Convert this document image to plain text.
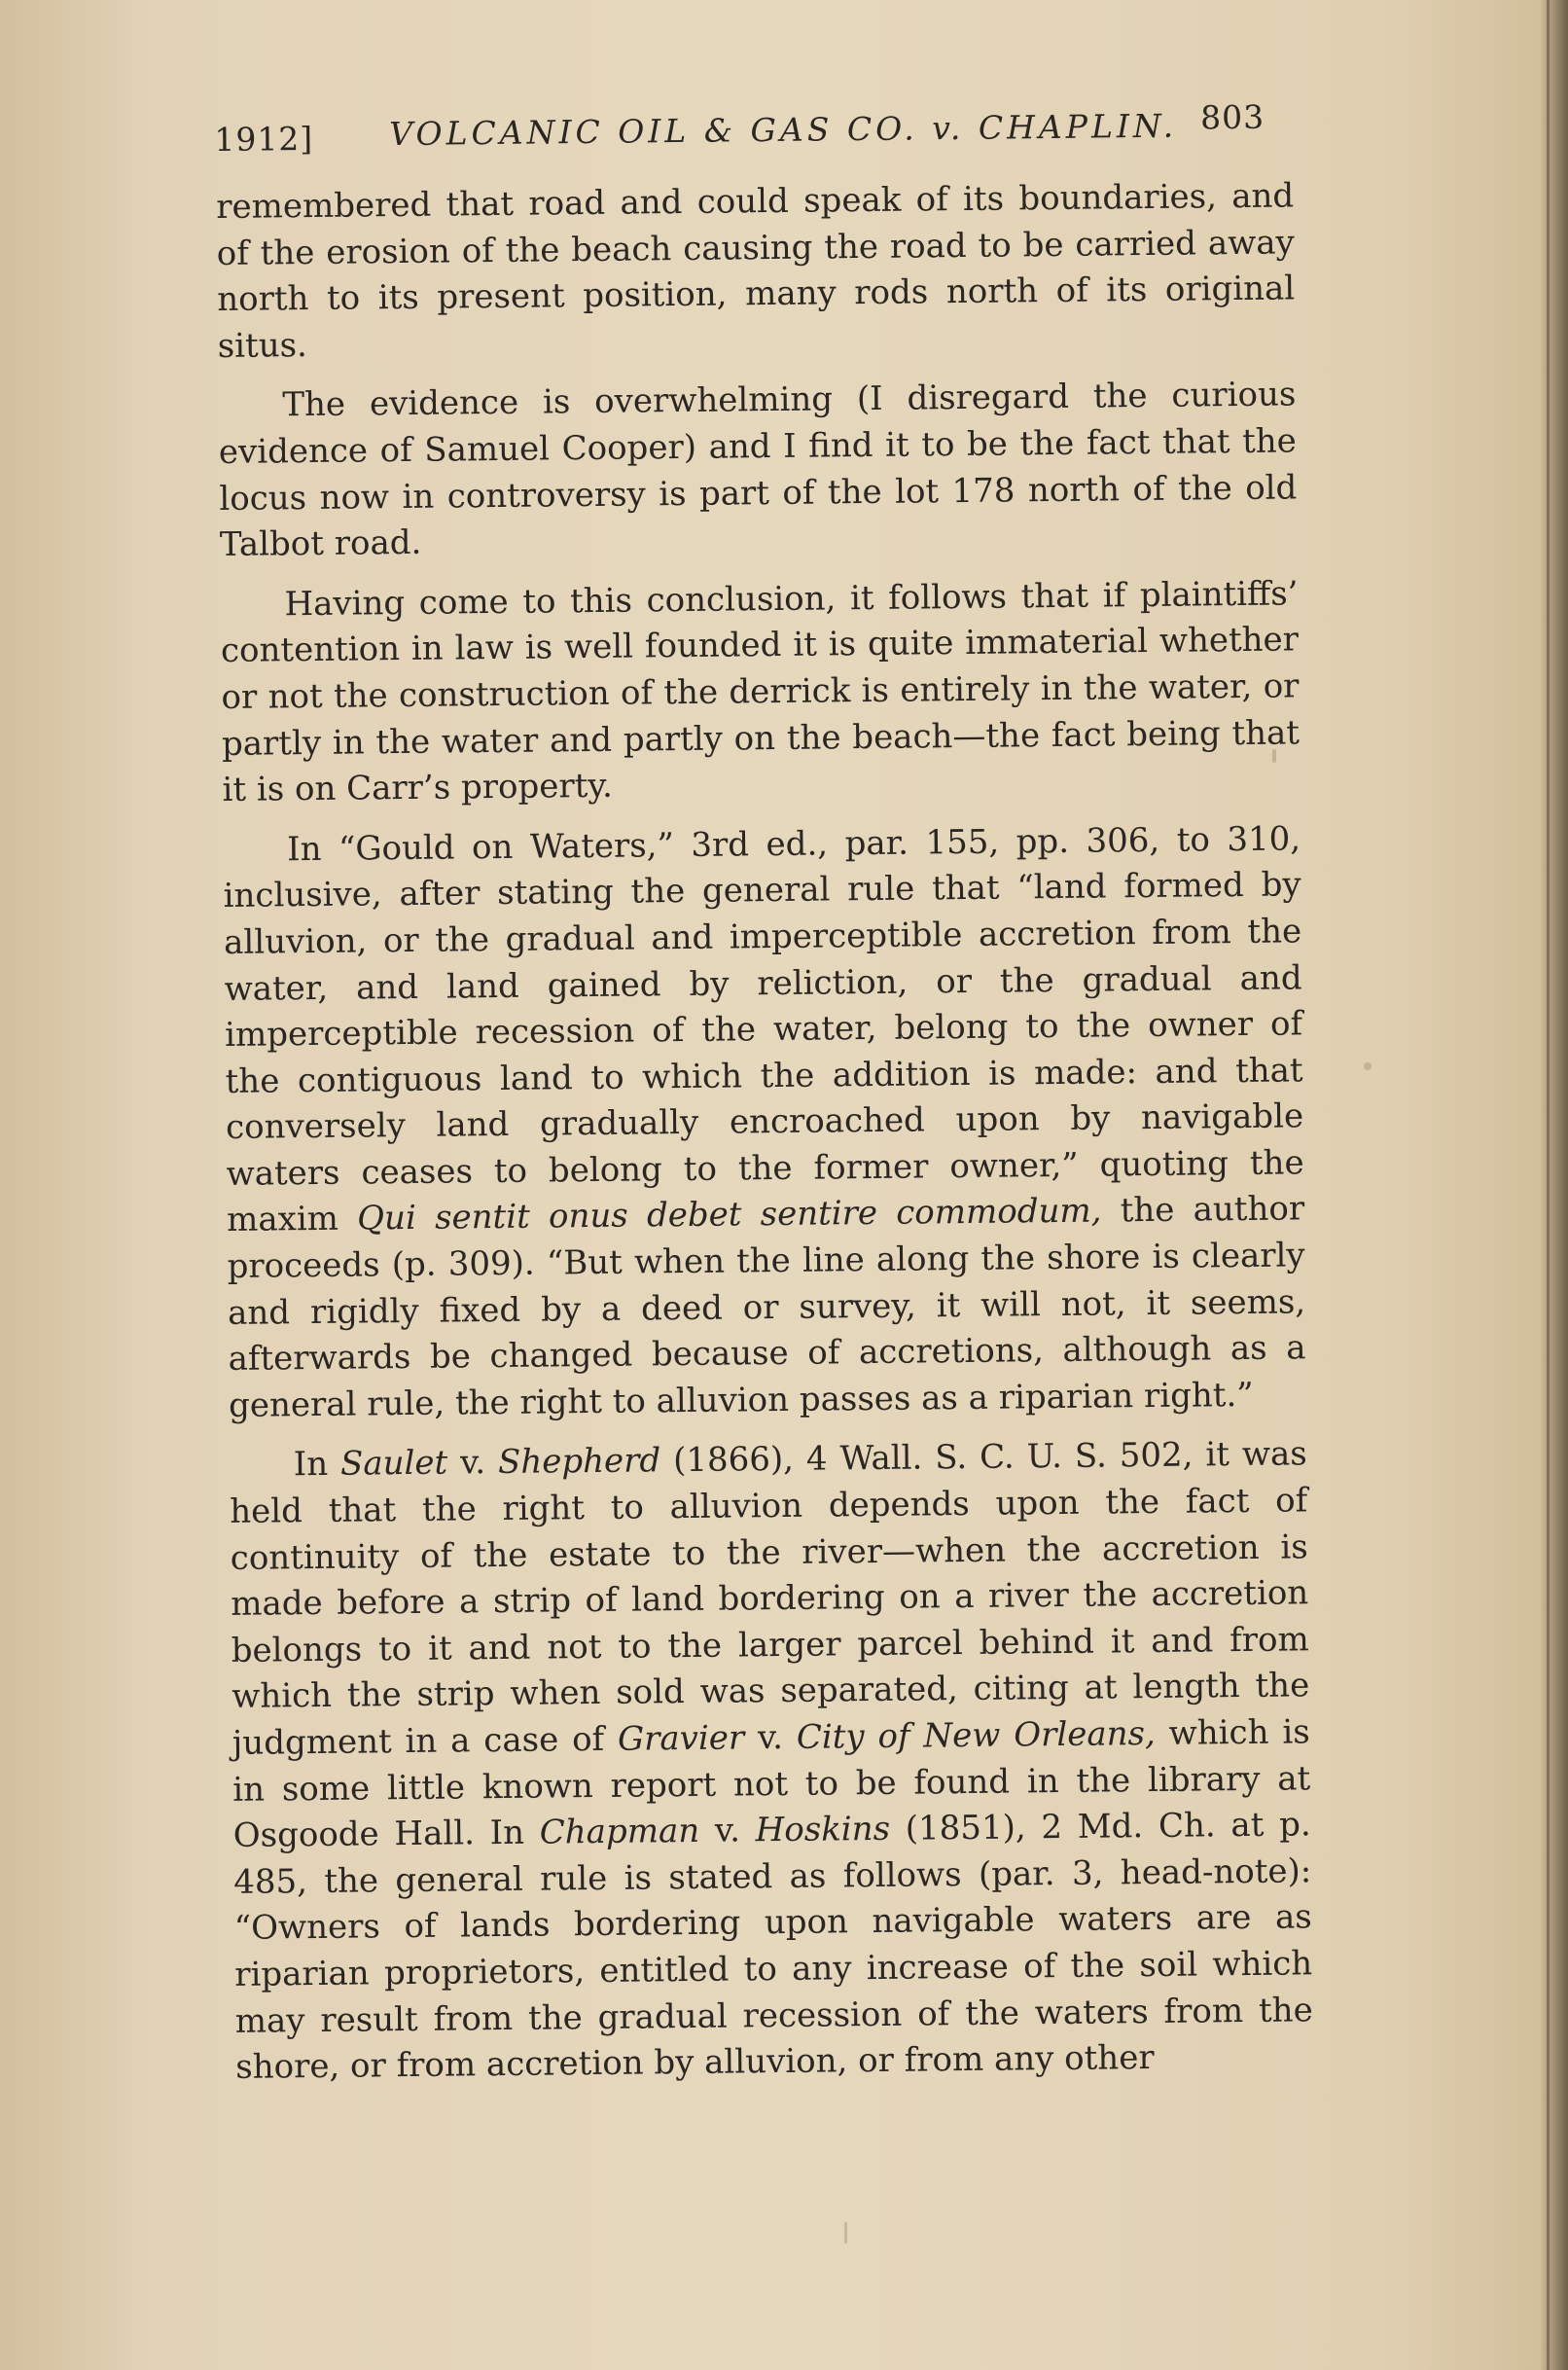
1912] VOLCANIC OIL & GAS CO. v. CHAPLIN. 803

remembered that road and could speak of its boundaries, and of the erosion of the beach causing the road to be carried away north to its present position, many rods north of its original situs.

The evidence is overwhelming (I disregard the curious evidence of Samuel Cooper) and I find it to be the fact that the locus now in controversy is part of the lot 178 north of the old Talbot road.

Having come to this conclusion, it follows that if plaintiffs’ contention in law is well founded it is quite immaterial whether or not the construction of the derrick is entirely in the water, or partly in the water and partly on the beach—the fact being that it is on Carr’s property.

In “Gould on Waters,” 3rd ed., par. 155, pp. 306, to 310, inclusive, after stating the general rule that “land formed by alluvion, or the gradual and imperceptible accretion from the water, and land gained by reliction, or the gradual and imperceptible recession of the water, belong to the owner of the contiguous land to which the addition is made: and that conversely land gradually encroached upon by navigable waters ceases to belong to the former owner,” quoting the maxim Qui sentit onus debet sentire commodum, the author proceeds (p. 309). “But when the line along the shore is clearly and rigidly fixed by a deed or survey, it will not, it seems, afterwards be changed because of accretions, although as a general rule, the right to alluvion passes as a riparian right.”

In Saulet v. Shepherd (1866), 4 Wall. S. C. U. S. 502, it was held that the right to alluvion depends upon the fact of continuity of the estate to the river—when the accretion is made before a strip of land bordering on a river the accretion belongs to it and not to the larger parcel behind it and from which the strip when sold was separated, citing at length the judgment in a case of Gravier v. City of New Orleans, which is in some little known report not to be found in the library at Osgoode Hall. In Chapman v. Hoskins (1851), 2 Md. Ch. at p. 485, the general rule is stated as follows (par. 3, head-note): “Owners of lands bordering upon navigable waters are as riparian proprietors, entitled to any increase of the soil which may result from the gradual recession of the waters from the shore, or from accretion by alluvion, or from any other
